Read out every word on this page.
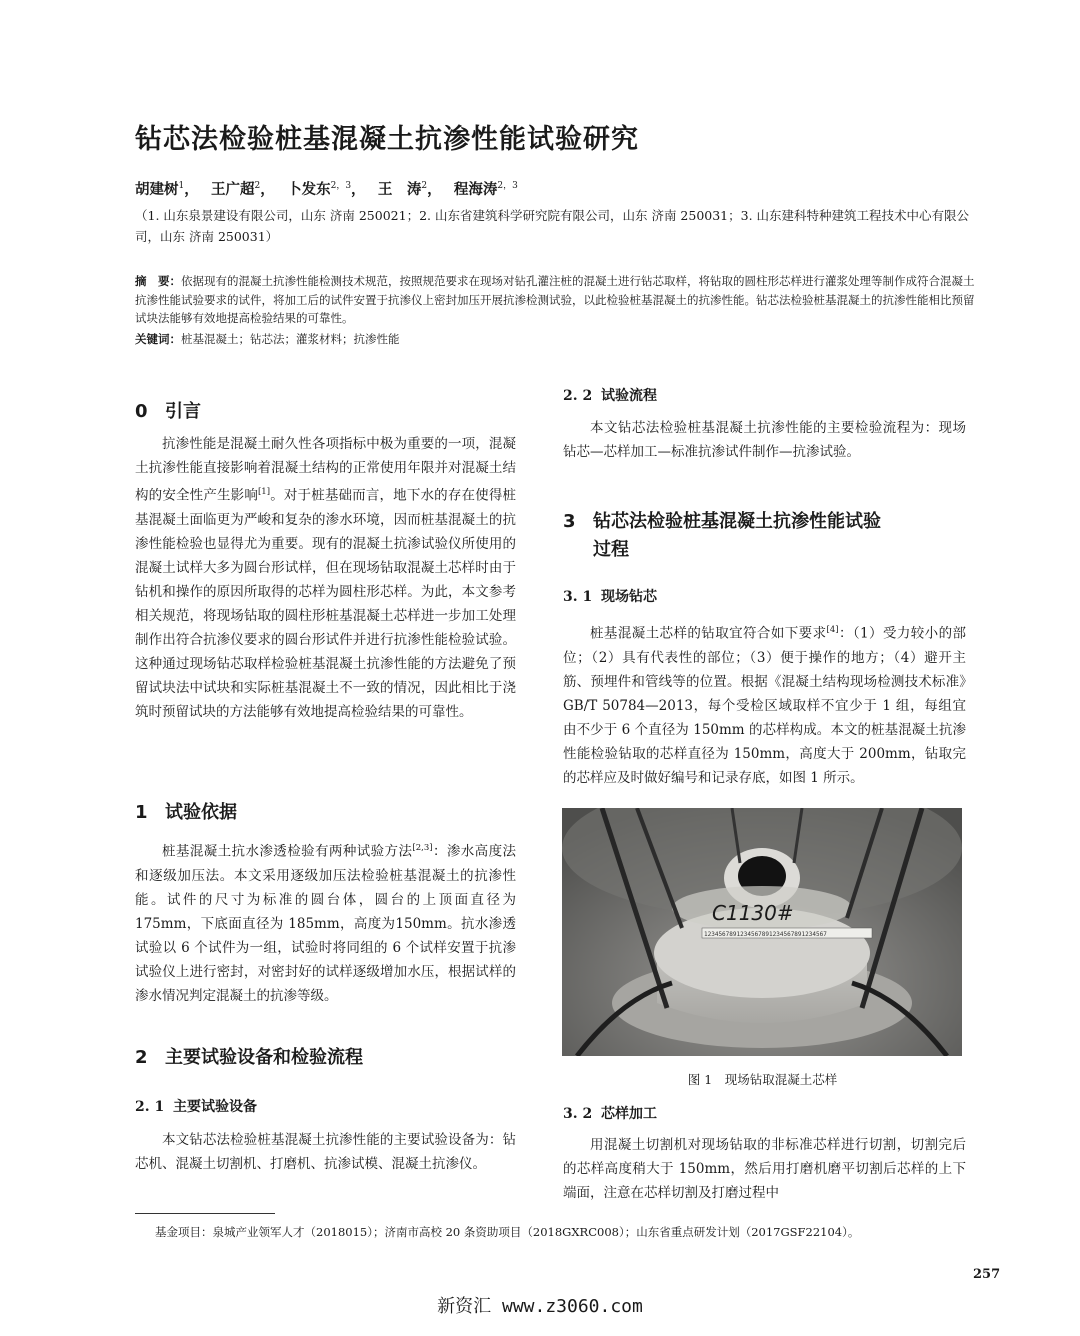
钻芯法检验桩基混凝土抗渗性能试验研究
胡建树$^1$，　 王广超$^2$，　 卜发东$^{2,3}$，　 王　涛$^2$，　 程海涛$^{2,3}$
（1. 山东泉景建设有限公司，山东 济南 250021；2. 山东省建筑科学研究院有限公司，山东 济南 250031；3. 山东建科特种建筑工程技术中心有限公司，山东 济南 250031）
摘　要：依据现有的混凝土抗渗性能检测技术规范，按照规范要求在现场对钻孔灌注桩的混凝土进行钻芯取样，将钻取的圆柱形芯样进行灌浆处理等制作成符合混凝土抗渗性能试验要求的试件，将加工后的试件安置于抗渗仪上密封加压开展抗渗检测试验，以此检验桩基混凝土的抗渗性能。钻芯法检验桩基混凝土的抗渗性能相比预留试块法能够有效地提高检验结果的可靠性。
关键词：桩基混凝土；钻芯法；灌浆材料；抗渗性能
0 引言
抗渗性能是混凝土耐久性各项指标中极为重要的一项，混凝土抗渗性能直接影响着混凝土结构的正常使用年限并对混凝土结构的安全性产生影响[1]。对于桩基础而言，地下水的存在使得桩基混凝土面临更为严峻和复杂的渗水环境，因而桩基混凝土的抗渗性能检验也显得尤为重要。现有的混凝土抗渗试验仪所使用的混凝土试样大多为圆台形试样，但在现场钻取混凝土芯样时由于钻机和操作的原因所取得的芯样为圆柱形芯样。为此，本文参考相关规范，将现场钻取的圆柱形桩基混凝土芯样进一步加工处理制作出符合抗渗仪要求的圆台形试件并进行抗渗性能检验试验。这种通过现场钻芯取样检验桩基混凝土抗渗性能的方法避免了预留试块法中试块和实际桩基混凝土不一致的情况，因此相比于浇筑时预留试块的方法能够有效地提高检验结果的可靠性。
1 试验依据
桩基混凝土抗水渗透检验有两种试验方法[2,3]：渗水高度法和逐级加压法。本文采用逐级加压法检验桩基混凝土的抗渗性能。试件的尺寸为标准的圆台体，圆台的上顶面直径为 175mm，下底面直径为 185mm，高度为150mm。抗水渗透试验以 6 个试件为一组，试验时将同组的 6 个试样安置于抗渗试验仪上进行密封，对密封好的试样逐级增加水压，根据试样的渗水情况判定混凝土的抗渗等级。
2 主要试验设备和检验流程
2. 1 主要试验设备
本文钻芯法检验桩基混凝土抗渗性能的主要试验设备为：钻芯机、混凝土切割机、打磨机、抗渗试模、混凝土抗渗仪。
2. 2 试验流程
本文钻芯法检验桩基混凝土抗渗性能的主要检验流程为：现场钻芯—芯样加工—标准抗渗试件制作—抗渗试验。
3 钻芯法检验桩基混凝土抗渗性能试验
过程
3. 1 现场钻芯
桩基混凝土芯样的钻取宜符合如下要求[4]：（1）受力较小的部位；（2）具有代表性的部位；（3）便于操作的地方；（4）避开主筋、预埋件和管线等的位置。根据《混凝土结构现场检测技术标准》GB/T 50784—2013，每个受检区域取样不宜少于 1 组，每组宜由不少于 6 个直径为 150mm 的芯样构成。本文的桩基混凝土抗渗性能检验钻取的芯样直径为 150mm，高度大于 200mm，钻取完的芯样应及时做好编号和记录存底，如图 1 所示。
1234567891234567891234567891234567
C1130#
图 1　现场钻取混凝土芯样
3. 2 芯样加工
用混凝土切割机对现场钻取的非标准芯样进行切割，切割完后的芯样高度稍大于 150mm，然后用打磨机磨平切割后芯样的上下端面，注意在芯样切割及打磨过程中
基金项目：泉城产业领军人才（2018015）；济南市高校 20 条资助项目（2018GXRC008）；山东省重点研发计划（2017GSF22104）。
257
新资汇 www.z3060.com
